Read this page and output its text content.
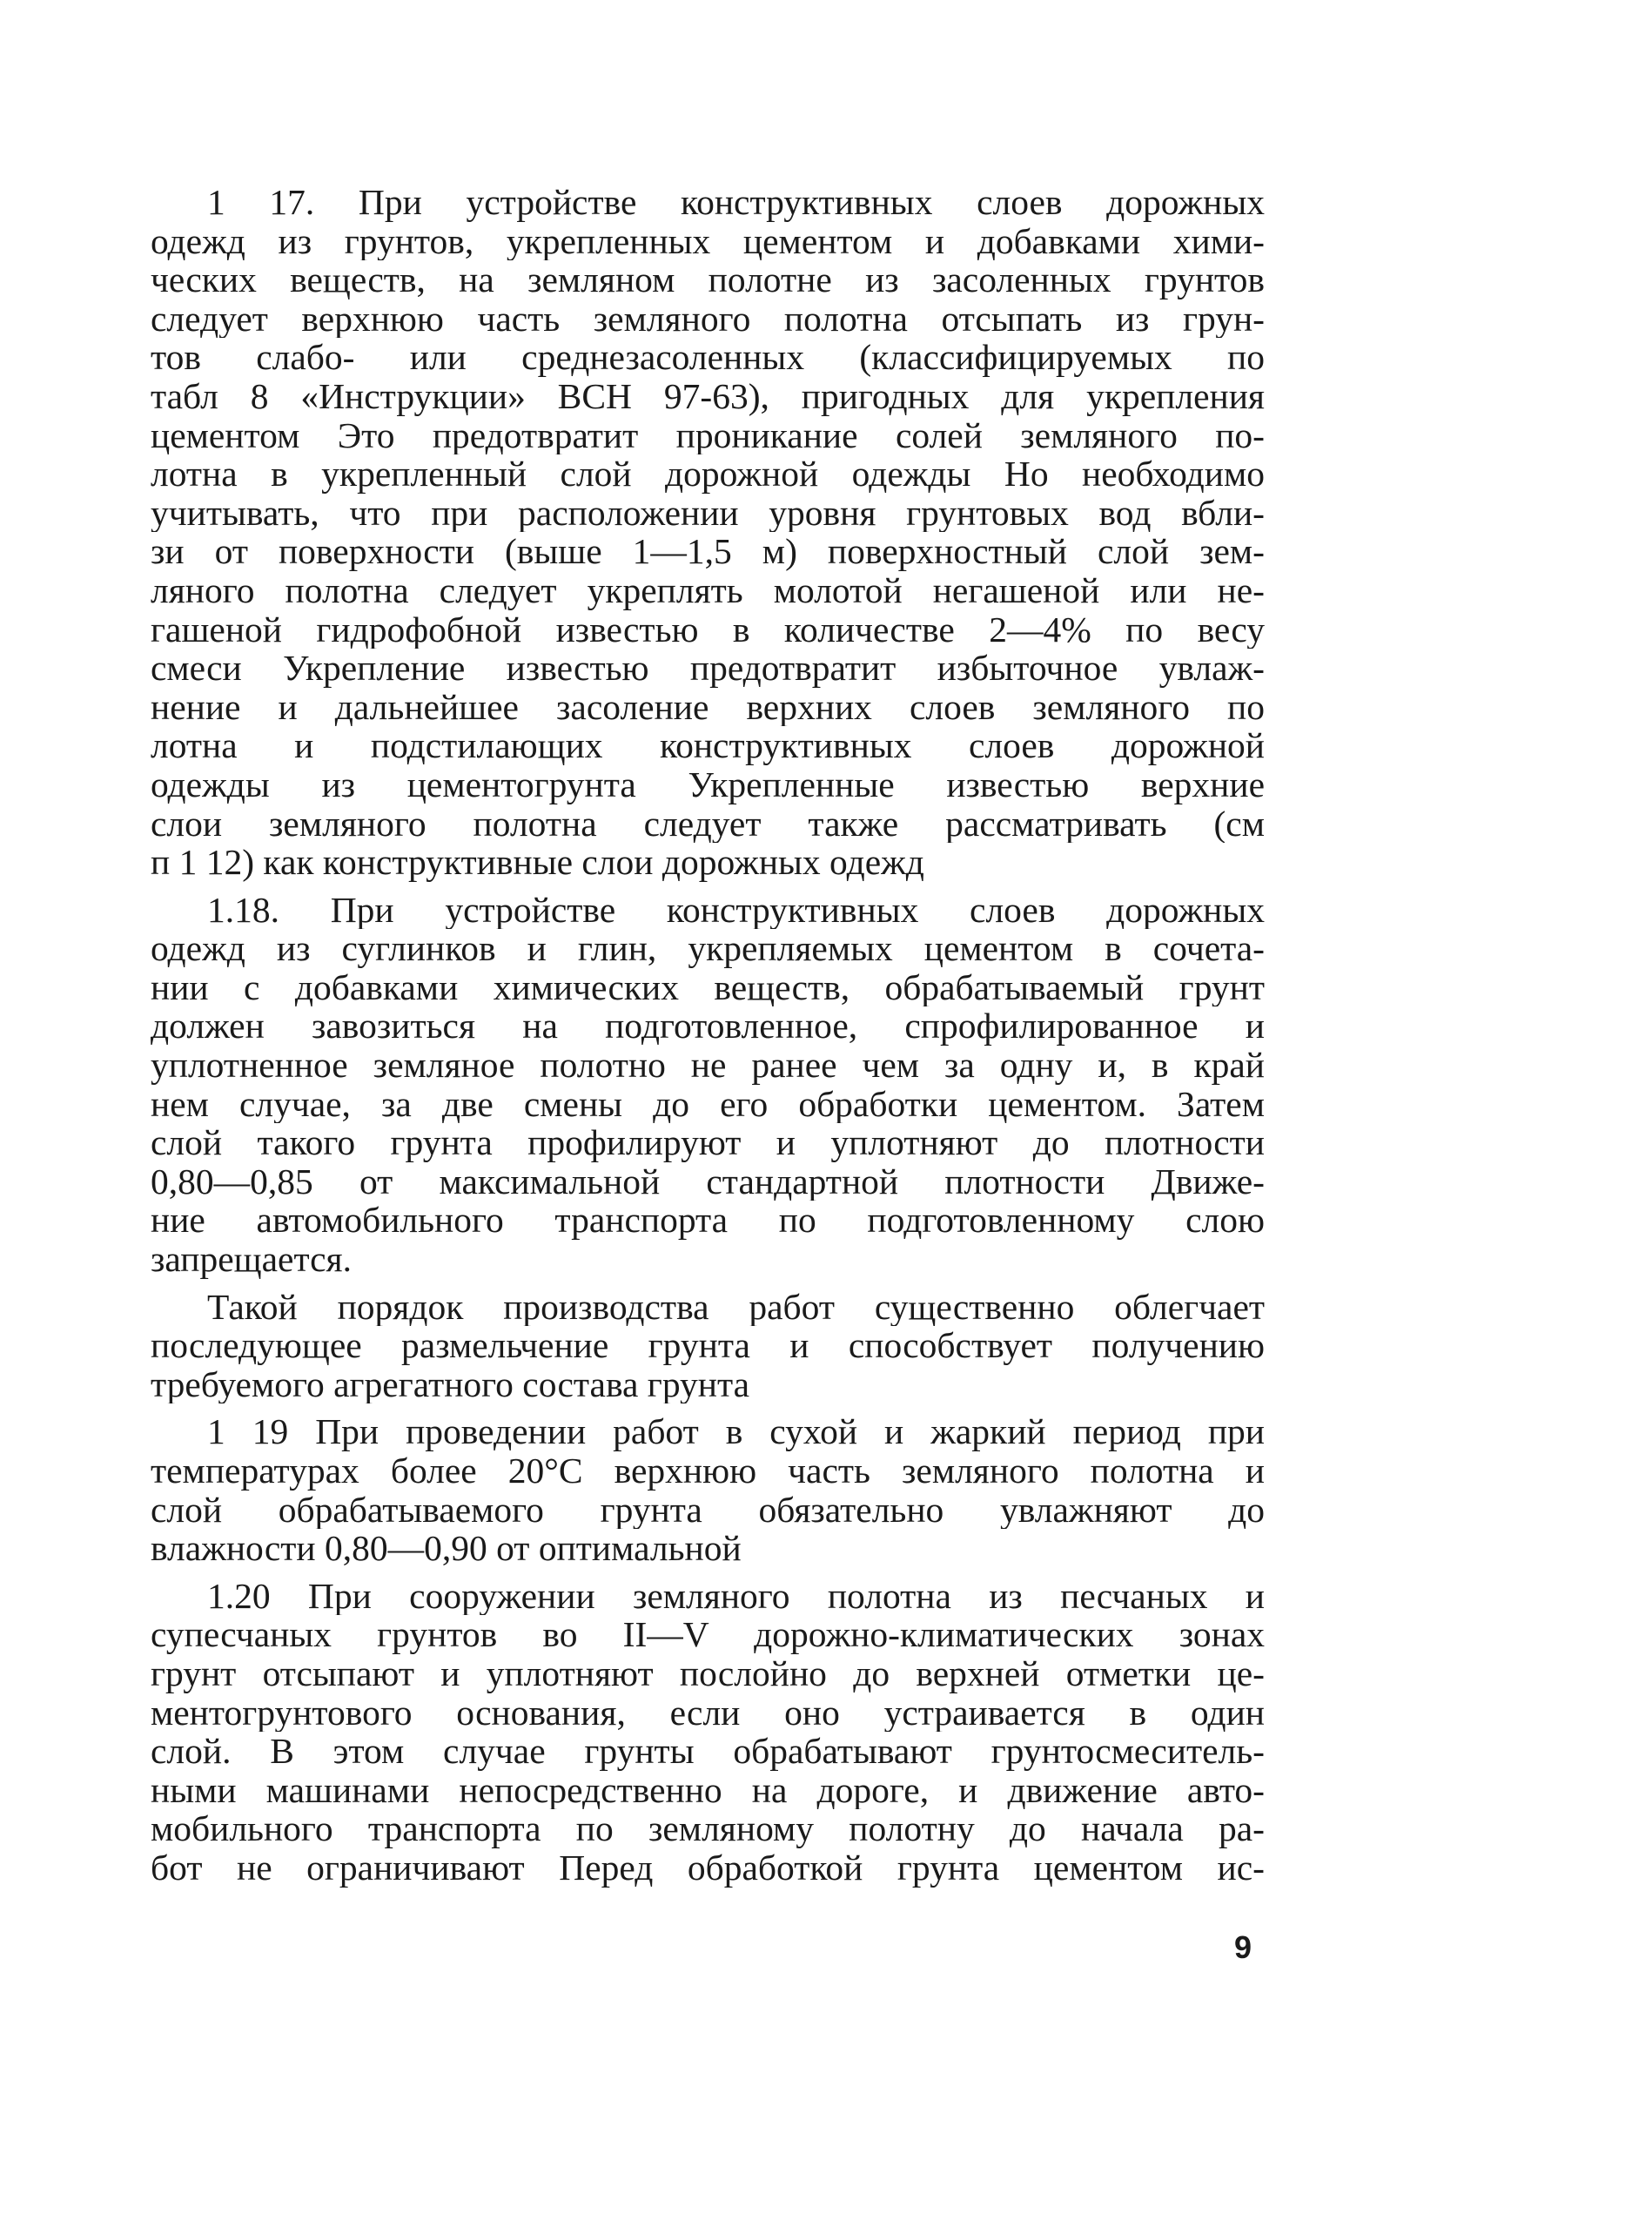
1 17. При устройстве конструктивных слоев дорожных
одежд из грунтов, укрепленных цементом и добавками хими-
ческих веществ, на земляном полотне из засоленных грунтов
следует верхнюю часть земляного полотна отсыпать из грун-
тов слабо- или среднезасоленных (классифицируемых по
табл 8 «Инструкции» ВСН 97-63), пригодных для укрепления
цементом Это предотвратит проникание солей земляного по-
лотна в укрепленный слой дорожной одежды Но необходимо
учитывать, что при расположении уровня грунтовых вод вбли-
зи от поверхности (выше 1—1,5 м) поверхностный слой зем-
ляного полотна следует укреплять молотой негашеной или не-
гашеной гидрофобной известью в количестве 2—4% по весу
смеси Укрепление известью предотвратит избыточное увлаж-
нение и дальнейшее засоление верхних слоев земляного по
лотна и подстилающих конструктивных слоев дорожной
одежды из цементогрунта Укрепленные известью верхние
слои земляного полотна следует также рассматривать (см
п 1 12) как конструктивные слои дорожных одежд
1.18. При устройстве конструктивных слоев дорожных
одежд из суглинков и глин, укрепляемых цементом в сочета-
нии с добавками химических веществ, обрабатываемый грунт
должен завозиться на подготовленное, спрофилированное и
уплотненное земляное полотно не ранее чем за одну и, в край
нем случае, за две смены до его обработки цементом. Затем
слой такого грунта профилируют и уплотняют до плотности
0,80—0,85 от максимальной стандартной плотности Движе-
ние автомобильного транспорта по подготовленному слою
запрещается.
Такой порядок производства работ существенно облегчает
последующее размельчение грунта и способствует получению
требуемого агрегатного состава грунта
1 19 При проведении работ в сухой и жаркий период при
температурах более 20°С верхнюю часть земляного полотна и
слой обрабатываемого грунта обязательно увлажняют до
влажности 0,80—0,90 от оптимальной
1.20 При сооружении земляного полотна из песчаных и
супесчаных грунтов во II—V дорожно-климатических зонах
грунт отсыпают и уплотняют послойно до верхней отметки це-
ментогрунтового основания, если оно устраивается в один
слой. В этом случае грунты обрабатывают грунтосмеситель-
ными машинами непосредственно на дороге, и движение авто-
мобильного транспорта по земляному полотну до начала ра-
бот не ограничивают Перед обработкой грунта цементом ис-
9
